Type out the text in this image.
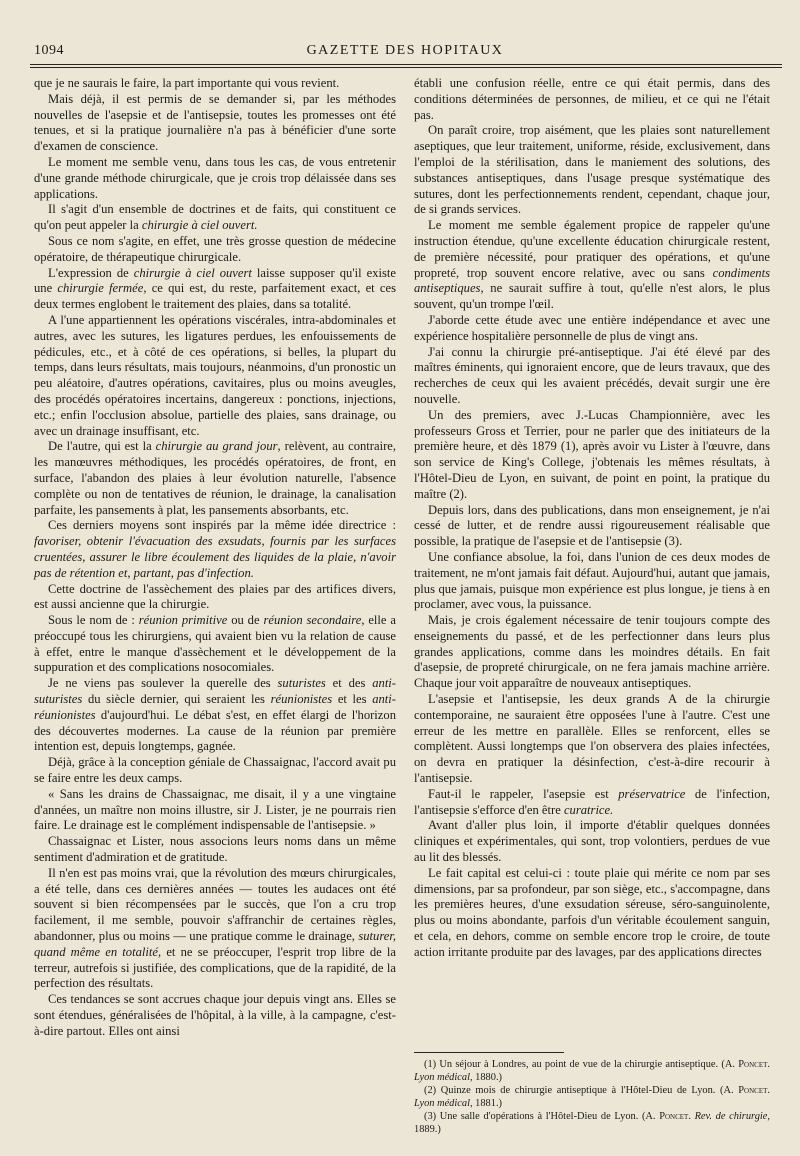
1094	GAZETTE DES HOPITAUX

que je ne saurais le faire, la part importante qui vous revient.

Mais déjà, il est permis de se demander si, par les méthodes nouvelles de l'asepsie et de l'antisepsie, toutes les promesses ont été tenues, et si la pratique journalière n'a pas à bénéficier d'une sorte d'examen de conscience.

Le moment me semble venu, dans tous les cas, de vous entretenir d'une grande méthode chirurgicale, que je crois trop délaissée dans ses applications.

Il s'agit d'un ensemble de doctrines et de faits, qui constituent ce qu'on peut appeler la chirurgie à ciel ouvert.

Sous ce nom s'agite, en effet, une très grosse question de médecine opératoire, de thérapeutique chirurgicale.

L'expression de chirurgie à ciel ouvert laisse supposer qu'il existe une chirurgie fermée, ce qui est, du reste, parfaitement exact, et ces deux termes englobent le traitement des plaies, dans sa totalité.

A l'une appartiennent les opérations viscérales, intra-abdominales et autres, avec les sutures, les ligatures perdues, les enfouissements de pédicules, etc., et à côté de ces opérations, si belles, la plupart du temps, dans leurs résultats, mais toujours, néanmoins, d'un pronostic un peu aléatoire, d'autres opérations, cavitaires, plus ou moins aveugles, des procédés opératoires incertains, dangereux : ponctions, injections, etc.; enfin l'occlusion absolue, partielle des plaies, sans drainage, ou avec un drainage insuffisant, etc.

De l'autre, qui est la chirurgie au grand jour, relèvent, au contraire, les manœuvres méthodiques, les procédés opératoires, de front, en surface, l'abandon des plaies à leur évolution naturelle, l'absence complète ou non de tentatives de réunion, le drainage, la canalisation parfaite, les pansements à plat, les pansements absorbants, etc.

Ces derniers moyens sont inspirés par la même idée directrice : favoriser, obtenir l'évacuation des exsudats, fournis par les surfaces cruentées, assurer le libre écoulement des liquides de la plaie, n'avoir pas de rétention et, partant, pas d'infection.

Cette doctrine de l'assèchement des plaies par des artifices divers, est aussi ancienne que la chirurgie.

Sous le nom de : réunion primitive ou de réunion secondaire, elle a préoccupé tous les chirurgiens, qui avaient bien vu la relation de cause à effet, entre le manque d'assèchement et le développement de la suppuration et des complications nosocomiales.

Je ne viens pas soulever la querelle des suturistes et des anti-suturistes du siècle dernier, qui seraient les réunionistes et les anti-réunionistes d'aujourd'hui. Le débat s'est, en effet élargi de l'horizon des découvertes modernes. La cause de la réunion par première intention est, depuis longtemps, gagnée.

Déjà, grâce à la conception géniale de Chassaignac, l'accord avait pu se faire entre les deux camps.

« Sans les drains de Chassaignac, me disait, il y a une vingtaine d'années, un maître non moins illustre, sir J. Lister, je ne pourrais rien faire. Le drainage est le complément indispensable de l'antisepsie. »

Chassaignac et Lister, nous associons leurs noms dans un même sentiment d'admiration et de gratitude.

Il n'en est pas moins vrai, que la révolution des mœurs chirurgicales, a été telle, dans ces dernières années — toutes les audaces ont été souvent si bien récompensées par le succès, que l'on a cru trop facilement, il me semble, pouvoir s'affranchir de certaines règles, abandonner, plus ou moins — une pratique comme le drainage, suturer, quand même en totalité, et ne se préoccuper, l'esprit trop libre de la terreur, autrefois si justifiée, des complications, que de la rapidité, de la perfection des résultats.

Ces tendances se sont accrues chaque jour depuis vingt ans. Elles se sont étendues, généralisées de l'hôpital, à la ville, à la campagne, c'est-à-dire partout. Elles ont ainsi

établi une confusion réelle, entre ce qui était permis, dans des conditions déterminées de personnes, de milieu, et ce qui ne l'était pas.

On paraît croire, trop aisément, que les plaies sont naturellement aseptiques, que leur traitement, uniforme, réside, exclusivement, dans l'emploi de la stérilisation, dans le maniement des solutions, des substances antiseptiques, dans l'usage presque systématique des sutures, dont les perfectionnements rendent, cependant, chaque jour, de si grands services.

Le moment me semble également propice de rappeler qu'une instruction étendue, qu'une excellente éducation chirurgicale restent, de première nécessité, pour pratiquer des opérations, et qu'une propreté, trop souvent encore relative, avec ou sans condiments antiseptiques, ne saurait suffire à tout, qu'elle n'est alors, le plus souvent, qu'un trompe l'œil.

J'aborde cette étude avec une entière indépendance et avec une expérience hospitalière personnelle de plus de vingt ans.

J'ai connu la chirurgie pré-antiseptique. J'ai été élevé par des maîtres éminents, qui ignoraient encore, que de leurs travaux, que des recherches de ceux qui les avaient précédés, devait surgir une ère nouvelle.

Un des premiers, avec J.-Lucas Championnière, avec les professeurs Gross et Terrier, pour ne parler que des initiateurs de la première heure, et dès 1879 (1), après avoir vu Lister à l'œuvre, dans son service de King's College, j'obtenais les mêmes résultats, à l'Hôtel-Dieu de Lyon, en suivant, de point en point, la pratique du maître (2).

Depuis lors, dans des publications, dans mon enseignement, je n'ai cessé de lutter, et de rendre aussi rigoureusement réalisable que possible, la pratique de l'asepsie et de l'antisepsie (3).

Une confiance absolue, la foi, dans l'union de ces deux modes de traitement, ne m'ont jamais fait défaut. Aujourd'hui, autant que jamais, plus que jamais, puisque mon expérience est plus longue, je tiens à en proclamer, avec vous, la puissance.

Mais, je crois également nécessaire de tenir toujours compte des enseignements du passé, et de les perfectionner dans leurs plus grandes applications, comme dans les moindres détails. En fait d'asepsie, de propreté chirurgicale, on ne fera jamais machine arrière. Chaque jour voit apparaître de nouveaux antiseptiques.

L'asepsie et l'antisepsie, les deux grands A de la chirurgie contemporaine, ne sauraient être opposées l'une à l'autre. C'est une erreur de les mettre en parallèle. Elles se renforcent, elles se complètent. Aussi longtemps que l'on observera des plaies infectées, on devra en pratiquer la désinfection, c'est-à-dire recourir à l'antisepsie.

Faut-il le rappeler, l'asepsie est préservatrice de l'infection, l'antisepsie s'efforce d'en être curatrice.

Avant d'aller plus loin, il importe d'établir quelques données cliniques et expérimentales, qui sont, trop volontiers, perdues de vue au lit des blessés.

Le fait capital est celui-ci : toute plaie qui mérite ce nom par ses dimensions, par sa profondeur, par son siège, etc., s'accompagne, dans les premières heures, d'une exsudation séreuse, séro-sanguinolente, plus ou moins abondante, parfois d'un véritable écoulement sanguin, et cela, en dehors, comme on semble encore trop le croire, de toute action irritante produite par des lavages, par des applications directes

(1) Un séjour à Londres, au point de vue de la chirurgie antiseptique. (A. Poncet. Lyon médical, 1880.)

(2) Quinze mois de chirurgie antiseptique à l'Hôtel-Dieu de Lyon. (A. Poncet. Lyon médical, 1881.)

(3) Une salle d'opérations à l'Hôtel-Dieu de Lyon. (A. Poncet. Rev. de chirurgie, 1889.)
